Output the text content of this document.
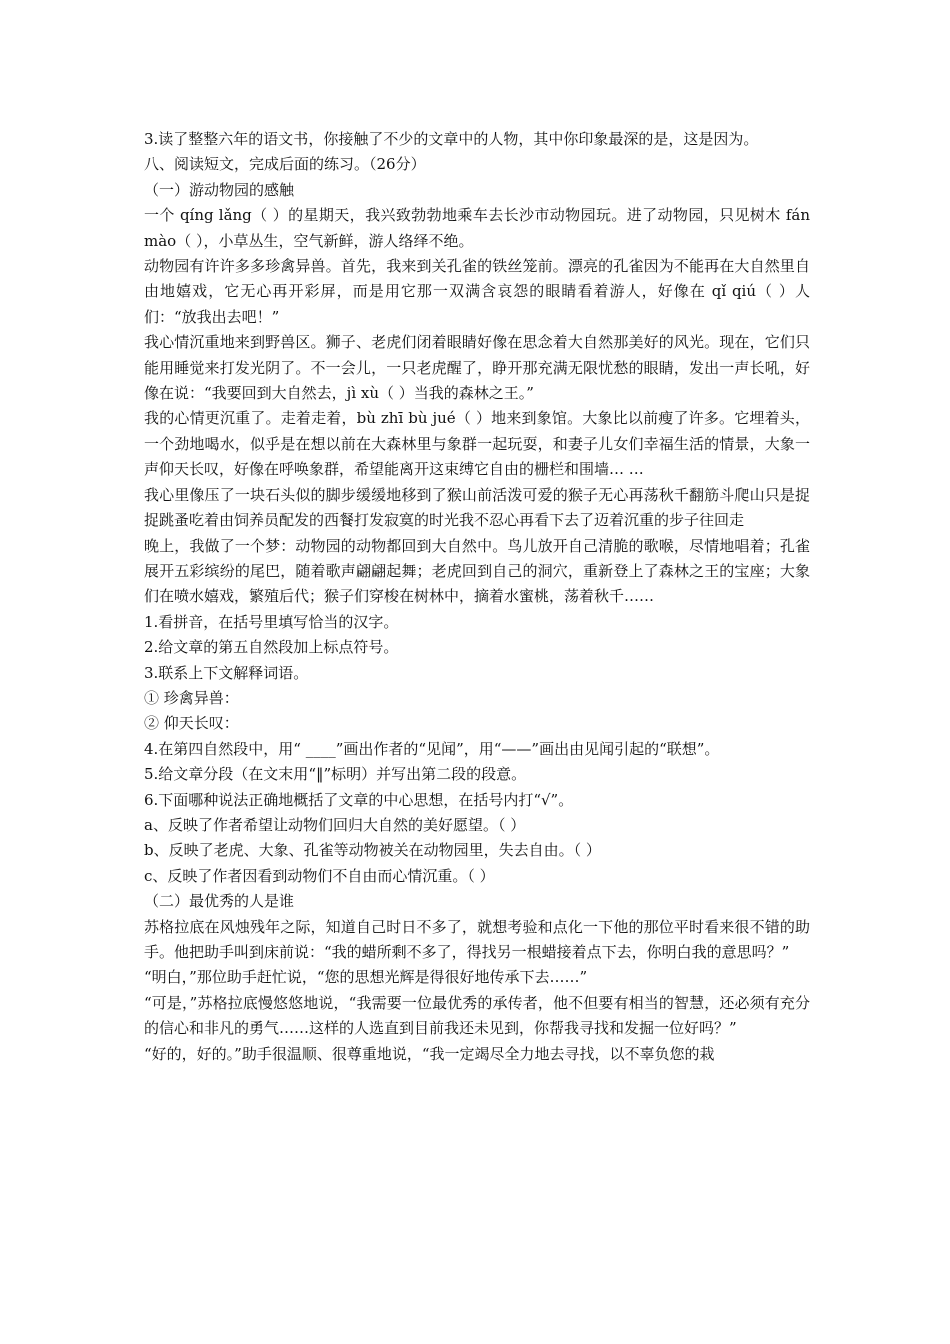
3.读了整整六年的语文书，你接触了不少的文章中的人物，其中你印象最深的是，这是因为。

八、阅读短文，完成后面的练习。（26分）

（一）游动物园的感触

一个 qíng lǎng（ ）的星期天，我兴致勃勃地乘车去长沙市动物园玩。进了动物园，只见树木 fán mào（ ），小草丛生，空气新鲜，游人络绎不绝。

动物园有许许多多珍禽异兽。首先，我来到关孔雀的铁丝笼前。漂亮的孔雀因为不能再在大自然里自由地嬉戏，它无心再开彩屏，而是用它那一双满含哀怨的眼睛看着游人，好像在 qǐ qiú（ ）人们：“放我出去吧！”

我心情沉重地来到野兽区。狮子、老虎们闭着眼睛好像在思念着大自然那美好的风光。现在，它们只能用睡觉来打发光阴了。不一会儿，一只老虎醒了，睁开那充满无限忧愁的眼睛，发出一声长吼，好像在说：“我要回到大自然去，jì xù（ ）当我的森林之王。”

我的心情更沉重了。走着走着，bù zhī bù jué（ ）地来到象馆。大象比以前瘦了许多。它埋着头，一个劲地喝水，似乎是在想以前在大森林里与象群一起玩耍，和妻子儿女们幸福生活的情景，大象一声仰天长叹，好像在呼唤象群，希望能离开这束缚它自由的栅栏和围墙… …

我心里像压了一块石头似的脚步缓缓地移到了猴山前活泼可爱的猴子无心再荡秋千翻筋斗爬山只是捉捉跳蚤吃着由饲养员配发的西餐打发寂寞的时光我不忍心再看下去了迈着沉重的步子往回走

晚上，我做了一个梦：动物园的动物都回到大自然中。鸟儿放开自己清脆的歌喉，尽情地唱着；孔雀展开五彩缤纷的尾巴，随着歌声翩翩起舞；老虎回到自己的洞穴，重新登上了森林之王的宝座；大象们在喷水嬉戏，繁殖后代；猴子们穿梭在树林中，摘着水蜜桃，荡着秋千……

1.看拼音，在括号里填写恰当的汉字。

2.给文章的第五自然段加上标点符号。

3.联系上下文解释词语。

① 珍禽异兽：

② 仰天长叹：

4.在第四自然段中，用“ ____”画出作者的“见闻”，用“——”画出由见闻引起的“联想”。

5.给文章分段（在文末用“‖”标明）并写出第二段的段意。

6.下面哪种说法正确地概括了文章的中心思想，在括号内打“√”。

a、反映了作者希望让动物们回归大自然的美好愿望。（ ）

b、反映了老虎、大象、孔雀等动物被关在动物园里，失去自由。（ ）

c、反映了作者因看到动物们不自由而心情沉重。（ ）

（二）最优秀的人是谁

苏格拉底在风烛残年之际，知道自己时日不多了，就想考验和点化一下他的那位平时看来很不错的助手。他把助手叫到床前说：“我的蜡所剩不多了，得找另一根蜡接着点下去，你明白我的意思吗？”

“明白，”那位助手赶忙说，“您的思想光辉是得很好地传承下去……”

“可是，”苏格拉底慢悠悠地说，“我需要一位最优秀的承传者，他不但要有相当的智慧，还必须有充分的信心和非凡的勇气……这样的人选直到目前我还未见到，你帮我寻找和发掘一位好吗？”

“好的，好的。”助手很温顺、很尊重地说，“我一定竭尽全力地去寻找，以不辜负您的栽
